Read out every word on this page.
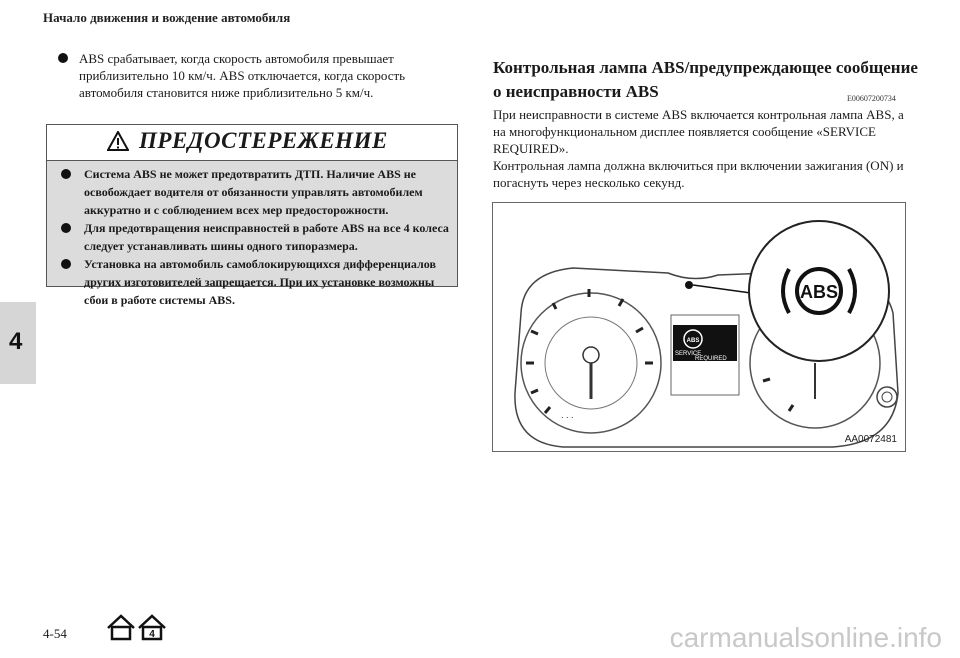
Начало движения и вождение автомобиля
4
ABS срабатывает, когда скорость автомобиля превышает приблизительно 10 км/ч. ABS отключается, когда скорость автомобиля становится ниже приблизительно 5 км/ч.
ПРЕДОСТЕРЕЖЕНИЕ
Система ABS не может предотвратить ДТП. Наличие ABS не освобождает водителя от обязанности управлять автомобилем аккуратно и с соблюдением всех мер предосторожности.
Для предотвращения неисправностей в работе ABS на все 4 колеса следует устанавливать шины одного типоразмера.
Установка на автомобиль самоблокирующихся дифференциалов других изготовителей запрещается. При их установке возможны сбои в работе системы ABS.
Контрольная лампа ABS/предупреждающее сообщение
о неисправности ABS	E00607200734
При неисправности в системе ABS включается контрольная лампа ABS, а на многофункциональном дисплее появляется сообщение «SERVICE REQUIRED».
Контрольная лампа должна включиться при включении зажигания (ON) и погаснуть через несколько секунд.
. . .
ABS
SERVICE
REQUIRED
ABS
AA0072481
4-54	4	carmanualsonline.info
